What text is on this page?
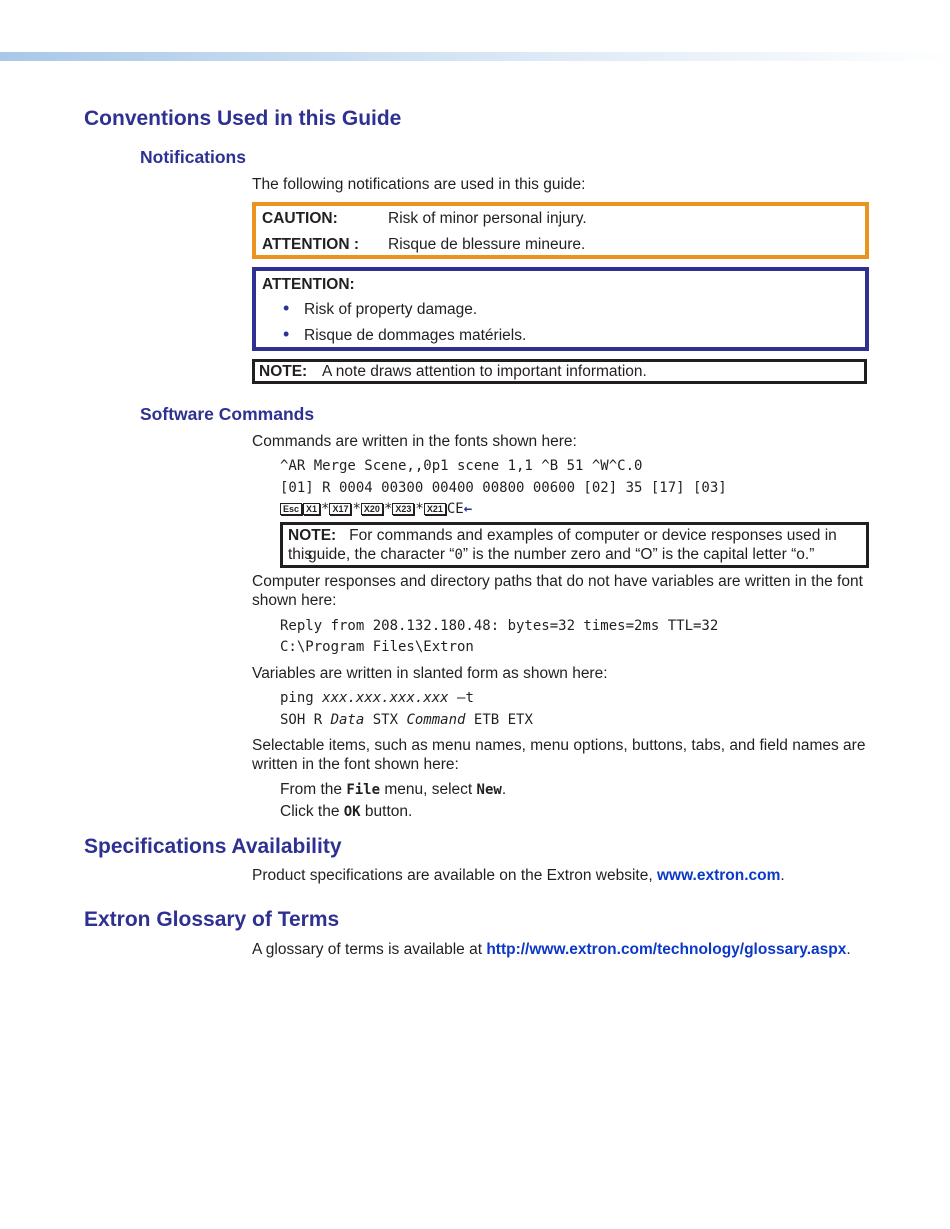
Conventions Used in this Guide
Notifications
The following notifications are used in this guide:
CAUTION:	Risk of minor personal injury.
ATTENTION : Risque de blessure mineure.
ATTENTION:
• Risk of property damage.
• Risque de dommages matériels.
NOTE: A note draws attention to important information.
Software Commands
Commands are written in the fonts shown here:
^AR Merge Scene,,0p1 scene 1,1 ^B 51 ^W^C.0
[01] R 0004 00300 00400 00800 00600 [02] 35 [17] [03]
Esc X1 * X17 * X20 * X23 * X21 CE←
NOTE: For commands and examples of computer or device responses used in this
guide, the character “0” is the number zero and “O” is the capital letter “o.”
Computer responses and directory paths that do not have variables are written in the font
shown here:
Reply from 208.132.180.48: bytes=32 times=2ms TTL=32
C:\Program Files\Extron
Variables are written in slanted form as shown here:
ping xxx.xxx.xxx.xxx —t
SOH R Data STX Command ETB ETX
Selectable items, such as menu names, menu options, buttons, tabs, and field names are
written in the font shown here:
From the File menu, select New.
Click the OK button.
Specifications Availability
Product specifications are available on the Extron website, www.extron.com.
Extron Glossary of Terms
A glossary of terms is available at http://www.extron.com/technology/glossary.aspx.
